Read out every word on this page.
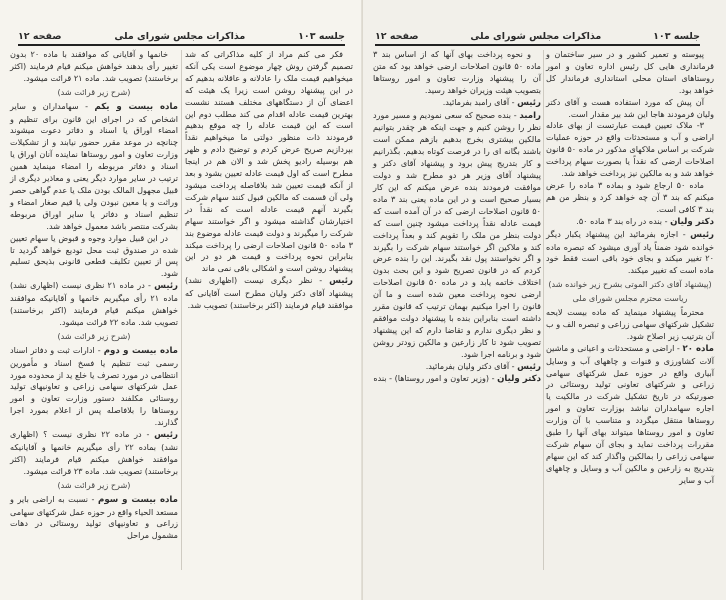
جلسه ۱۰۳
مذاکرات مجلس شورای ملی
صفحه ۱۲

فکر می کنم مراد از کلیه مذاکراتی که شد تصمیم گرفتن روش چهار موضوع است یکی آنکه میخواهیم قیمت ملک را عادلانه و عاقلانه بدهیم که در این پیشنهاد روشن است زیرا یک هیئت که اعضای آن از دستگاههای مختلف هستند نشست بهترین قیمت عادله اقدام می کند مطلب دوم این است که این قیمت عادله را چه موقع بدهیم فرمودند ذات منظور دولتی ما میخواهیم نقداً بپردازیم صریح عرض کردم و توضیح دادم و ظهر هم بوسیله رادیو پخش شد و الان هم در اینجا مطرح است که اول قیمت عادله تعیین بشود و بعد از آنکه قیمت تعیین شد بلافاصله پرداخت میشود ولی آن قسمت که مالکین قبول کنند سهام شرکت بگیرند آنهم قیمت عادله است که نقداً در اختیارشان گذاشته میشود و اگر خواستند سهام شرکت را میگیرند و دولت قیمت عادله موضوع بند ۳ ماده ۵۰ قانون اصلاحات ارضی را پرداخت میکند بنابراین نحوه پرداخت و قیمت هر دو در این پیشنهاد روشن است و اشکالی باقی نمی ماند

رئیس - نظر دیگری نیست (اظهاری نشد) پیشنهاد آقای دکتر ولیان مطرح است آقایانی که موافقند قیام فرمایند (اکثر برخاستند) تصویب شد.

خانمها و آقایانی که موافقند با ماده ۲۰ بدون تغییر رأی بدهند خواهش میکنم قیام فرمایند (اکثر برخاستند) تصویب شد. ماده ۲۱ قرائت میشود.

(شرح زیر قرائت شد)

ماده بیست و یکم - سهامداران و سایر اشخاص که در اجرای این قانون برای تنظیم و امضاء اوراق یا اسناد و دفاتر دعوت میشوند چنانچه در موعد مقرر حضور نیابند و از تشکیلات وزارت تعاون و امور روستاها نماینده آنان اوراق یا اسناد و دفاتر مربوطه را امضاء مینماید همین ترتیب در سایر موارد دیگر یعنی و معاذیر دیگری از قبیل مجهول المالک بودن ملک یا عدم گواهی حصر وراثت و یا معین نبودن ولی یا قیم صغار امضاء و تنظیم اسناد و دفاتر یا سایر اوراق مربوطه بشرکت منتصر باشد معمول خواهد شد.

در این قبیل موارد وجوه و قبوض یا سهام تعیین شده در صندوق ثبت محل تودیع خواهد گردید تا پس از تعیین تکلیف قطعی قانونی بذیحق تسلیم شود.

رئیس - در ماده ۲۱ نظری نیست (اظهاری نشد) ماده ۲۱ رأی میگیریم خانمها و آقایانیکه موافقند خواهش میکنم قیام فرمایند (اکثر برخاستند) تصویب شد. ماده ۲۲ قرائت میشود.

(شرح زیر قرائت شد)

ماده بیست و دوم - ادارات ثبت و دفاتر اسناد رسمی ثبت تنظیم یا فسخ اسناد و مأمورین انتظامی در مورد تصرف یا خلع ید از محدوده مورد عمل شرکتهای سهامی زراعی و تعاونیهای تولید روستائی مکلفند دستور وزارت تعاون و امور روستاها را بلافاصله پس از اعلام بمورد اجرا گذارند.

رئیس - در ماده ۲۲ نظری نیست ؟ (اظهاری نشد) بماده ۲۲ رأی میگیریم خانمها و آقایانیکه موافقند خواهش میکنم قیام فرمایند (اکثر برخاستند) تصویب شد. ماده ۲۳ قرائت میشود.

(شرح زیر قرائت شد)

ماده بیست و سوم - نسبت به اراضی بایر و مستعد الحیاء واقع در حوزه عمل شرکتهای سهامی زراعی و تعاونیهای تولید روستائی در دهات مشمول مراحل

جلسه ۱۰۳
مذاکرات مجلس شورای ملی
صفحه ۱۲

پیوسته و تعمیر کشور و در سیر ساختمان و قرمانداری هایی کل رئیس اداره تعاون و امور روستاهای استان محلی استانداری فرماندار کل خواهد بود.

آن پیش که مورد استفاده هست و آقای دکتر ولیان فرمودند هاجا این شد بیر مقدار است.

۳- ملاک تعیین قیمت عبارتست از بهای عادله اراضی و آب و مستحدثات واقع در حوزه عملیات شرکت بر اساس ملاکهای مذکور در ماده ۵۰ قانون اصلاحات ارضی که نقداً یا بصورت سهام پرداخت خواهد شد و به مالکین نیز پرداخت خواهد شد.

ماده ۵۰ ارجاع شود و بماده ۳ ماده را عرض میکنم که بند ۳ آن چه خواهد کرد و بنظر من هم بند ۳ کافی است.

دکتر ولیان - بنده در راه بند ۳ ماده ۵۰.

رئیس - اجازه بفرمائید این پیشنهاد یکبار دیگر خوانده شود ضمناً یاد آوری میشود که تبصره ماده ۲۰ تغییر میکند و بجای خود باقی است فقط خود ماده است که تغییر میکند.

(پیشنهاد آقای دکتر الموتی بشرح زیر خوانده شد)

ریاست محترم مجلس شورای ملی

محترماً پیشنهاد مینماید که ماده بیست لایحه تشکیل شرکتهای سهامی زراعی و تبصره الف و ب آن بترتیب زیر اصلاح شود.

ماده ۲۰ - اراضی و مستحدثات و اعیانی و ماشین آلات کشاورزی و قنوات و چاههای آب و وسایل آبیاری واقع در حوزه عمل شرکتهای سهامی زراعی و شرکتهای تعاونی تولید روستائی در صورتیکه در تاریخ تشکیل شرکت در مالکیت یا اجاره سهامداران نباشد بوزارت تعاون و امور روستاها منتقل میگردد و متناسب با آن وزارت تعاون و امور روستاها میتواند بهای آنها را طبق مقررات پرداخت نماید و بجای آن سهام شرکت سهامی زراعی را بمالکین واگذار کند که این سهام بتدریج به زارعین و مالکین آب و وسایل و چاههای آب و سایر

و نحوه پرداخت بهای آنها که از اساس بند ۳ ماده ۵۰ قانون اصلاحات ارضی خواهد بود که متن آن را پیشنهاد وزارت تعاون و امور روستاها بتصویب هیئت وزیران خواهد رسید.

رئیس - آقای رامبد بفرمائید.

رامبد - بنده صحیح که سعی نمودیم و مسیر مورد نظر را روشن کنیم و جهت اینکه هر چقدر بتوانیم مالکین بیشتری بخرج بدهیم بازهم ممکن است باشند بگانه ای را در فرصت کوتاه بدهیم. بگذرانیم و کار بتدریج پیش برود و پیشنهاد آقای دکتر و پیشنهاد آقای وزیر هر دو مطرح شد و دولت موافقت فرمودند بنده عرض میکنم که این کار بسیار صحیح است و در این ماده یعنی بند ۳ ماده ۵۰ قانون اصلاحات ارضی که در آن آمده است که قیمت عادله نقداً پرداخت میشود چنین است که دولت بنظر من ملک را تقویم کند و بعداً پرداخت کند و ملاکین اگر خواستند سهام شرکت را بگیرند و اگر نخواستند پول نقد بگیرند. این را بنده عرض کردم که در قانون تصریح شود و این بحث بدون اختلاف خاتمه یابد و در ماده ۵۰ قانون اصلاحات ارضی نحوه پرداخت معین شده است و ما آن قانون را اجرا میکنیم بهمان ترتیب که قانون مقرر داشته است بنابراین بنده با پیشنهاد دولت موافقم و نظر دیگری ندارم و تقاضا دارم که این پیشنهاد تصویب شود تا کار زارعین و مالکین زودتر روشن شود و برنامه اجرا شود.

رئیس - آقای دکتر ولیان بفرمائید.

دکتر ولیان - (وزیر تعاون و امور روستاها) - بنده
